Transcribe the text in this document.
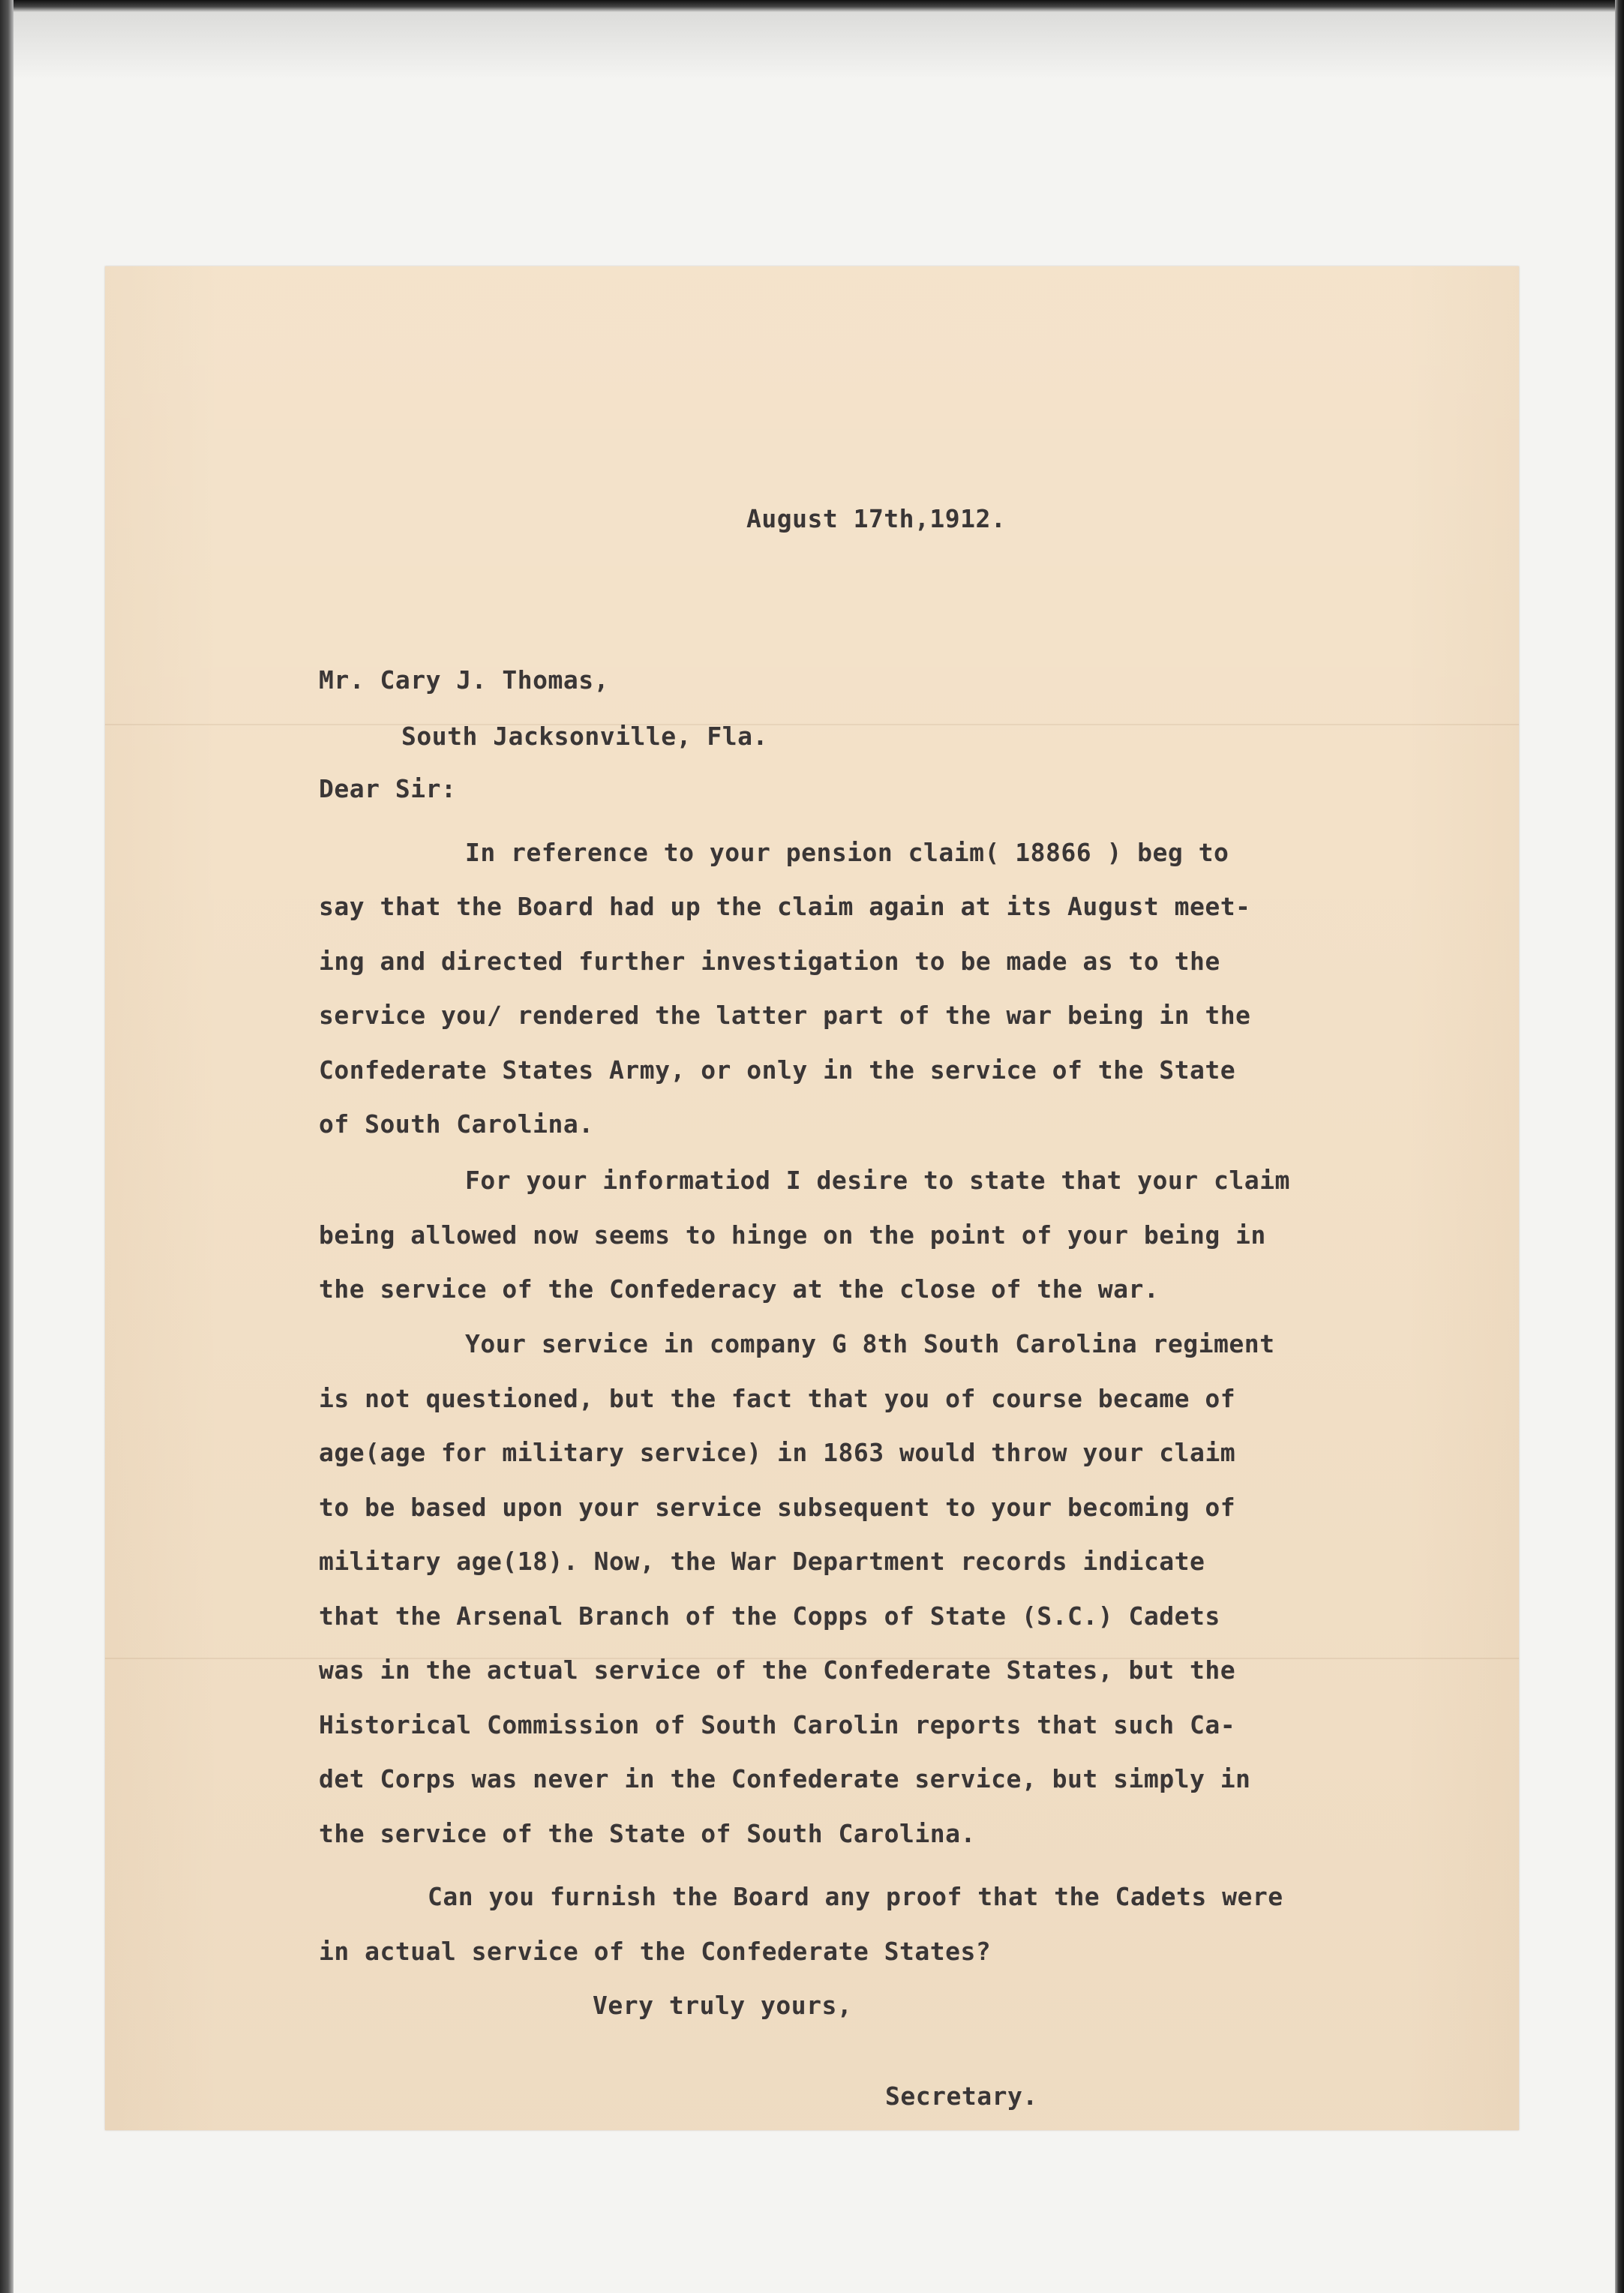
August 17th,1912.
Mr. Cary J. Thomas,
South Jacksonville, Fla.
Dear Sir:
In reference to your pension claim( 18866 ) beg to
say that the Board had up the claim again at its August meet-
ing and directed further investigation to be made as to the
service you/ rendered the latter part of the war being in the
Confederate States Army, or only in the service of the State
of South Carolina.
For your informatiod I desire to state that your claim
being allowed now seems to hinge on the point of your being in
the service of the Confederacy at the close of the war.
Your service in company G 8th South Carolina regiment
is not questioned, but the fact that you of course became of
age(age for military service) in 1863 would throw your claim
to be based upon your service subsequent to your becoming of
military age(18). Now, the War Department records indicate
that the Arsenal Branch of the Copps of State (S.C.) Cadets
was in the actual service of the Confederate States, but the
Historical Commission of South Carolin reports that such Ca-
det Corps was never in the Confederate service, but simply in
the service of the State of South Carolina.
Can you furnish the Board any proof that the Cadets were
in actual service of the Confederate States?
Very truly yours,
Secretary.
